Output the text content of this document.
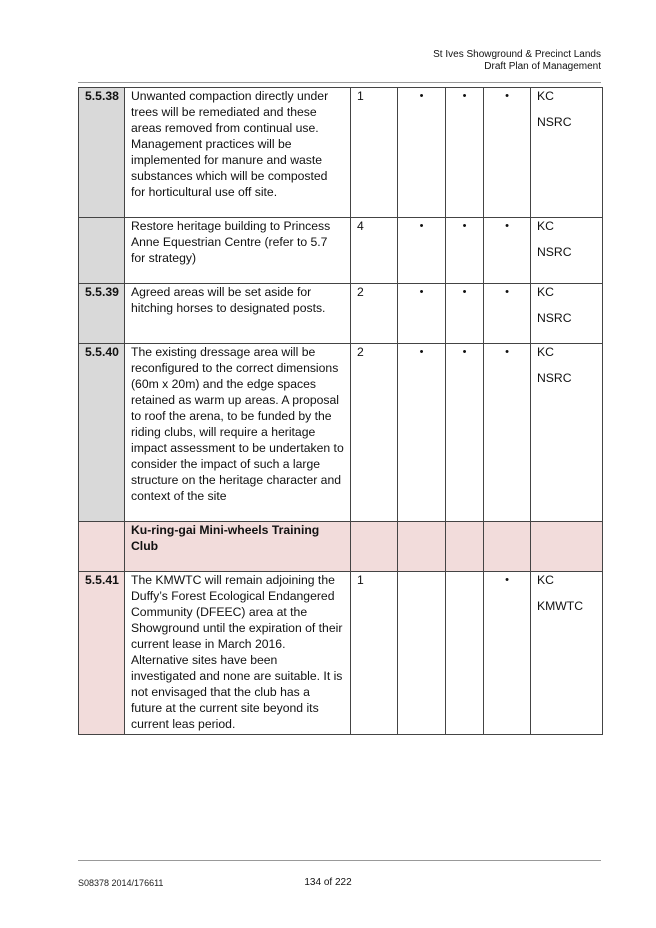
St Ives Showground & Precinct Lands
Draft Plan of Management
5.5.38	Unwanted compaction directly under trees will be remediated and these areas removed from continual use. Management practices will be implemented for manure and waste substances which will be composted for horticultural use off site.	1	•	•	•	KC
NSRC

	Restore heritage building to Princess Anne Equestrian Centre (refer to 5.7 for strategy)	4	•	•	•	KC
NSRC

5.5.39	Agreed areas will be set aside for hitching horses to designated posts.	2	•	•	•	KC
NSRC

5.5.40	The existing dressage area will be reconfigured to the correct dimensions (60m x 20m) and the edge spaces retained as warm up areas. A proposal to roof the arena, to be funded by the riding clubs, will require a heritage impact assessment to be undertaken to consider the impact of such a large structure on the heritage character and context of the site	2	•	•	•	KC
NSRC

	Ku-ring-gai Mini-wheels Training Club					
5.5.41	The KMWTC will remain adjoining the Duffy’s Forest Ecological Endangered Community (DFEEC) area at the Showground until the expiration of their current lease in March 2016. Alternative sites have been investigated and none are suitable. It is not envisaged that the club has a future at the current site beyond its current leas period.	1			•	KC
KMWTC
S08378 2014/176611	134 of 222
